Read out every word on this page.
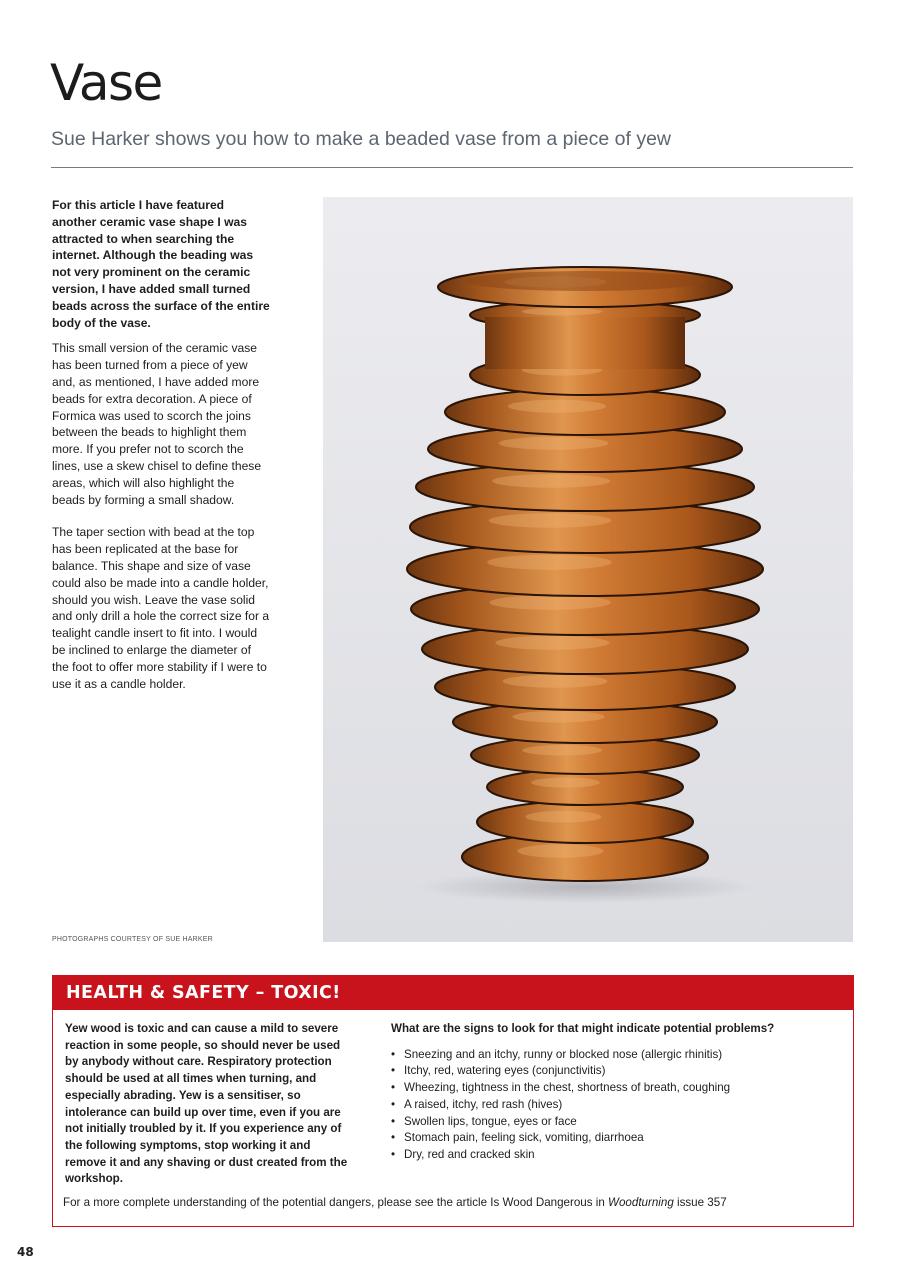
Vase
Sue Harker shows you how to make a beaded vase from a piece of yew

For this article I have featured another ceramic vase shape I was attracted to when searching the internet. Although the beading was not very prominent on the ceramic version, I have added small turned beads across the surface of the entire body of the vase.

This small version of the ceramic vase has been turned from a piece of yew and, as mentioned, I have added more beads for extra decoration. A piece of Formica was used to scorch the joins between the beads to highlight them more. If you prefer not to scorch the lines, use a skew chisel to define these areas, which will also highlight the beads by forming a small shadow.

The taper section with bead at the top has been replicated at the base for balance. This shape and size of vase could also be made into a candle holder, should you wish. Leave the vase solid and only drill a hole the correct size for a tealight candle insert to fit into. I would be inclined to enlarge the diameter of the foot to offer more stability if I were to use it as a candle holder.

PHOTOGRAPHS COURTESY OF SUE HARKER
HEALTH & SAFETY – TOXIC!
Yew wood is toxic and can cause a mild to severe reaction in some people, so should never be used by anybody without care. Respiratory protection should be used at all times when turning, and especially abrading. Yew is a sensitiser, so intolerance can build up over time, even if you are not initially troubled by it. If you experience any of the following symptoms, stop working it and remove it and any shaving or dust created from the workshop.
What are the signs to look for that might indicate potential problems?
• Sneezing and an itchy, runny or blocked nose (allergic rhinitis)
• Itchy, red, watering eyes (conjunctivitis)
• Wheezing, tightness in the chest, shortness of breath, coughing
• A raised, itchy, red rash (hives)
• Swollen lips, tongue, eyes or face
• Stomach pain, feeling sick, vomiting, diarrhoea
• Dry, red and cracked skin
For a more complete understanding of the potential dangers, please see the article Is Wood Dangerous in Woodturning issue 357
48
